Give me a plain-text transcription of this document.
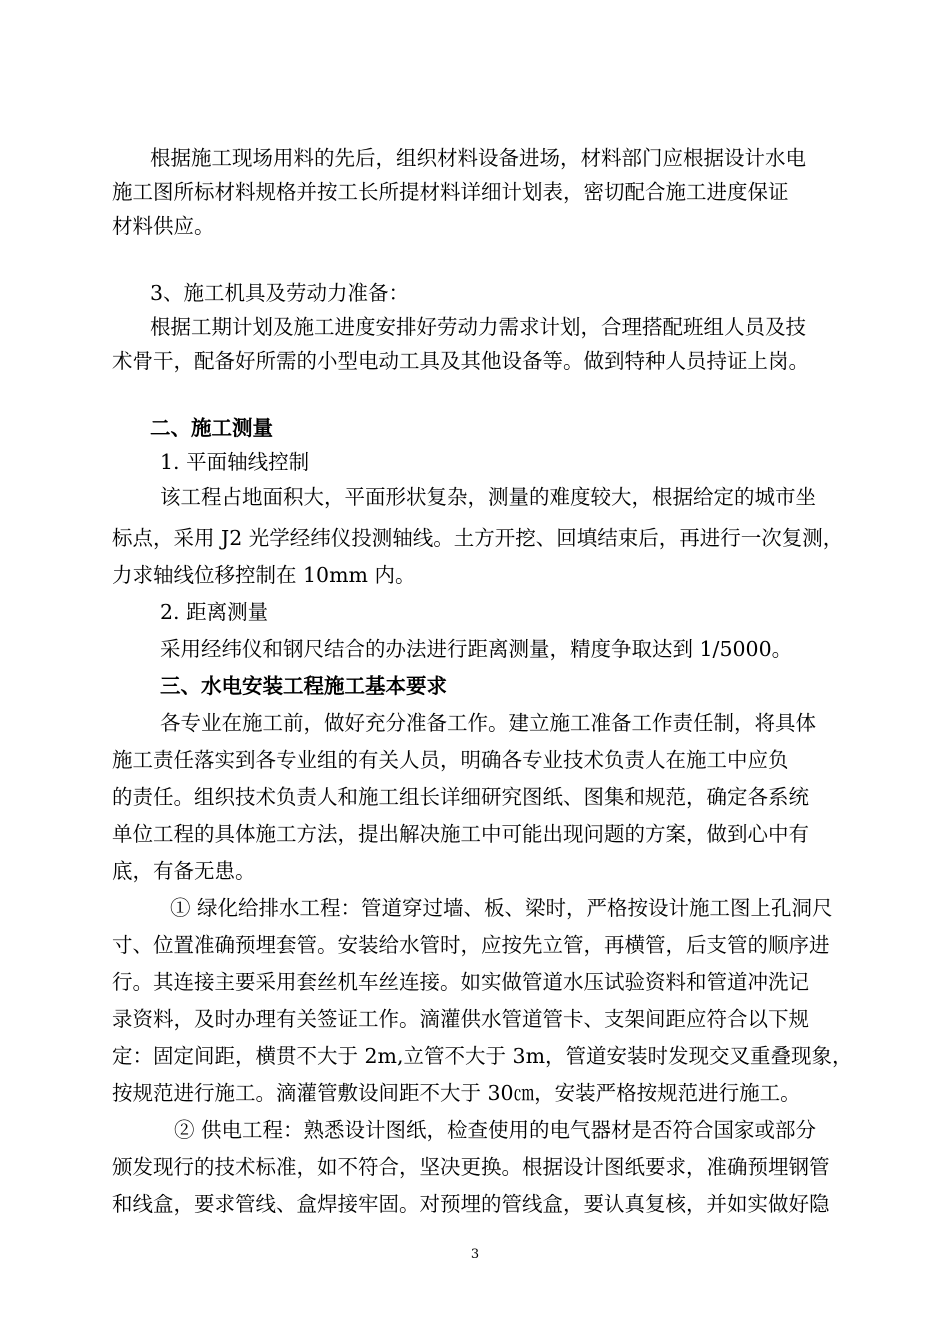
根据施工现场用料的先后，组织材料设备进场，材料部门应根据设计水电
施工图所标材料规格并按工长所提材料详细计划表，密切配合施工进度保证
材料供应。
3、施工机具及劳动力准备：
根据工期计划及施工进度安排好劳动力需求计划，合理搭配班组人员及技
术骨干，配备好所需的小型电动工具及其他设备等。做到特种人员持证上岗。
二、施工测量
1. 平面轴线控制
该工程占地面积大，平面形状复杂，测量的难度较大，根据给定的城市坐
标点，采用 J2 光学经纬仪投测轴线。土方开挖、回填结束后，再进行一次复测，
力求轴线位移控制在 10mm 内。
2. 距离测量
采用经纬仪和钢尺结合的办法进行距离测量，精度争取达到 1/5000。
三、水电安装工程施工基本要求
各专业在施工前，做好充分准备工作。建立施工准备工作责任制，将具体
施工责任落实到各专业组的有关人员，明确各专业技术负责人在施工中应负
的责任。组织技术负责人和施工组长详细研究图纸、图集和规范，确定各系统
单位工程的具体施工方法，提出解决施工中可能出现问题的方案，做到心中有
底，有备无患。
① 绿化给排水工程：管道穿过墙、板、梁时，严格按设计施工图上孔洞尺
寸、位置准确预埋套管。安装给水管时，应按先立管，再横管，后支管的顺序进
行。其连接主要采用套丝机车丝连接。如实做管道水压试验资料和管道冲洗记
录资料，及时办理有关签证工作。滴灌供水管道管卡、支架间距应符合以下规
定：固定间距，横贯不大于 2m,立管不大于 3m，管道安装时发现交叉重叠现象，
按规范进行施工。滴灌管敷设间距不大于 30㎝，安装严格按规范进行施工。
② 供电工程：熟悉设计图纸，检查使用的电气器材是否符合国家或部分
颁发现行的技术标准，如不符合，坚决更换。根据设计图纸要求，准确预埋钢管
和线盒，要求管线、盒焊接牢固。对预埋的管线盒，要认真复核，并如实做好隐
3
